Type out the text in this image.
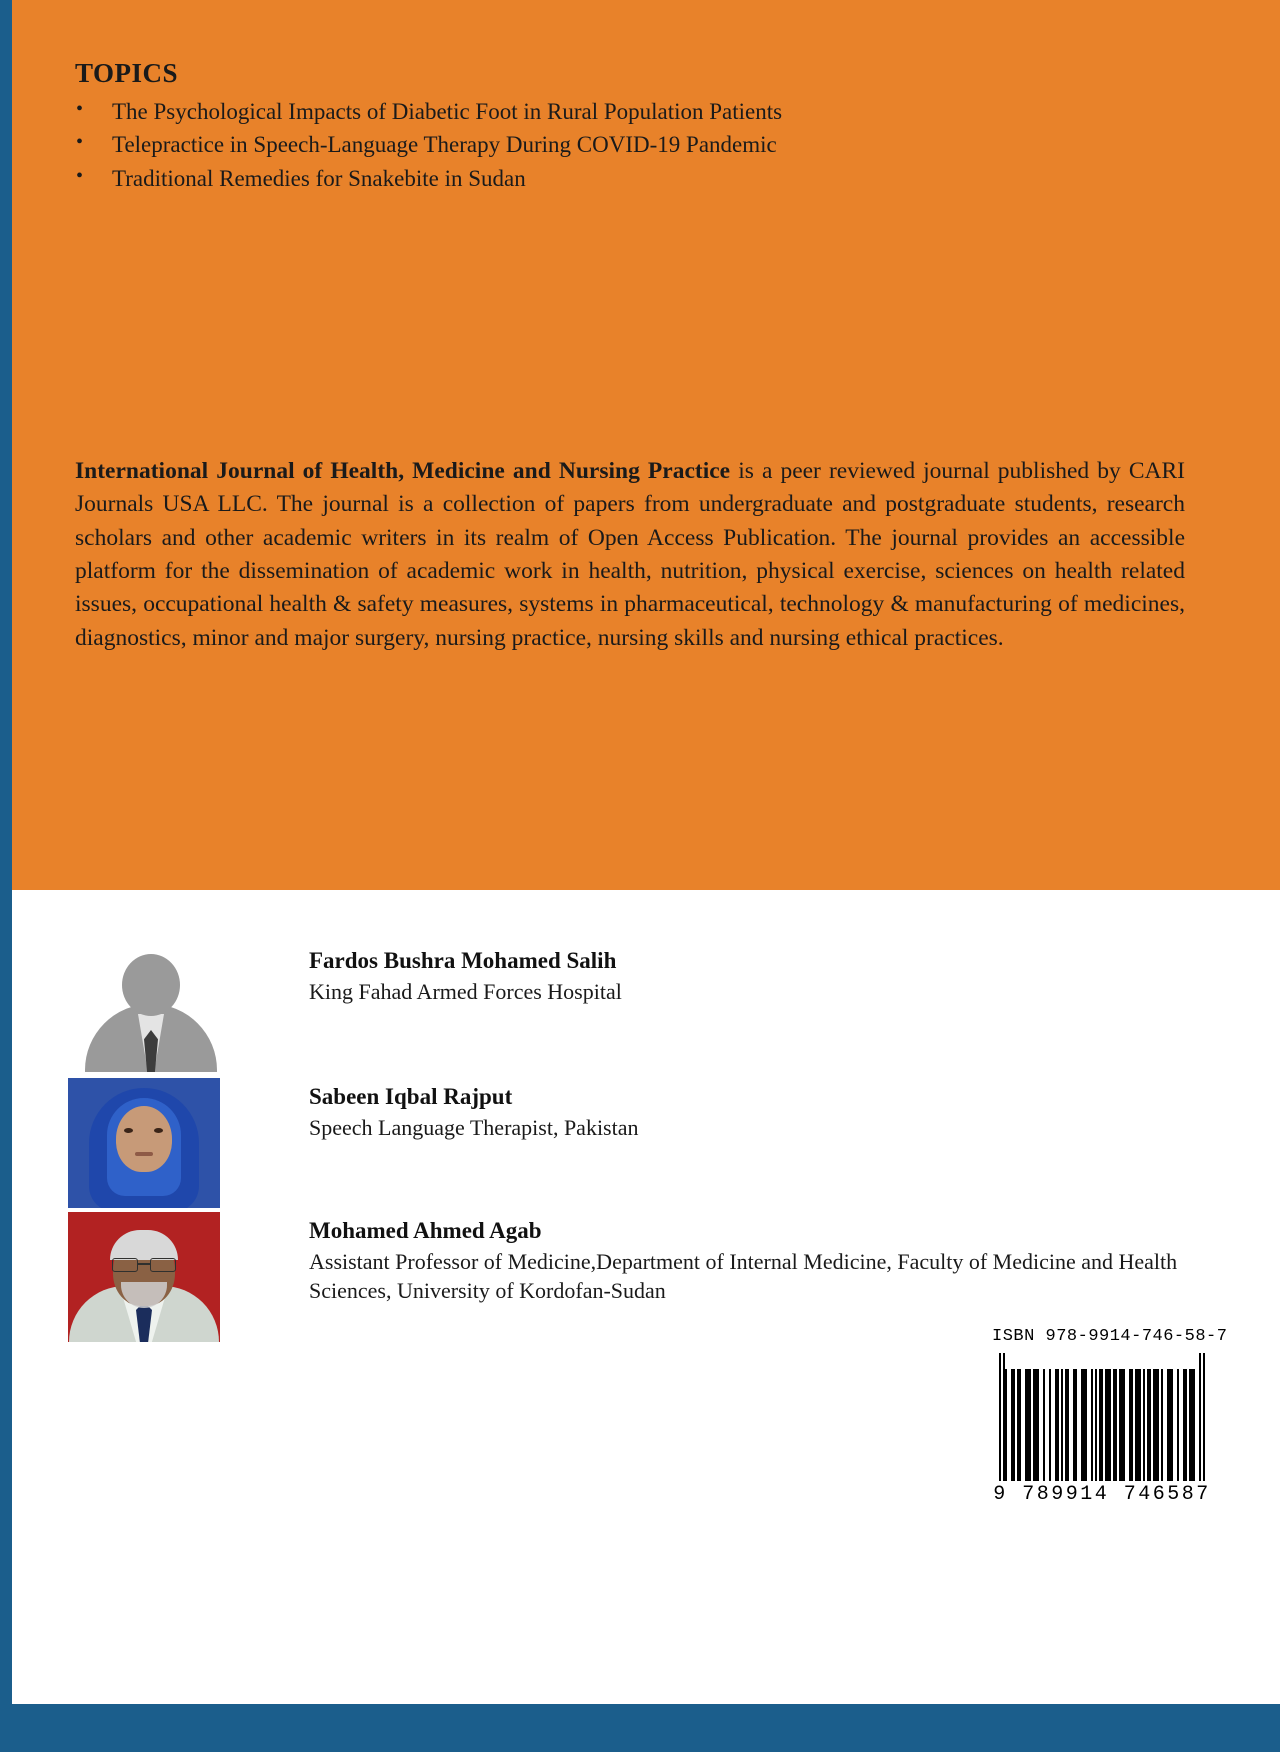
TOPICS
•	The Psychological Impacts of Diabetic Foot in Rural Population Patients
•	Telepractice in Speech-Language Therapy During COVID-19 Pandemic
•	Traditional Remedies for Snakebite in Sudan
International Journal of Health, Medicine and Nursing Practice is a peer reviewed journal published by CARI Journals USA LLC. The journal is a collection of papers from undergraduate and postgraduate students, research scholars and other academic writers in its realm of Open Access Publication. The journal provides an accessible platform for the dissemination of academic work in health, nutrition, physical exercise, sciences on health related issues, occupational health & safety measures, systems in pharmaceutical, technology & manufacturing of medicines, diagnostics, minor and major surgery, nursing practice, nursing skills and nursing ethical practices.
Fardos Bushra Mohamed Salih
King Fahad Armed Forces Hospital
Sabeen Iqbal Rajput
Speech Language Therapist, Pakistan
Mohamed Ahmed Agab
Assistant Professor of Medicine,Department of Internal Medicine, Faculty of Medicine and Health Sciences, University of Kordofan-Sudan
ISBN 978-9914-746-58-7
9 789914 746587
